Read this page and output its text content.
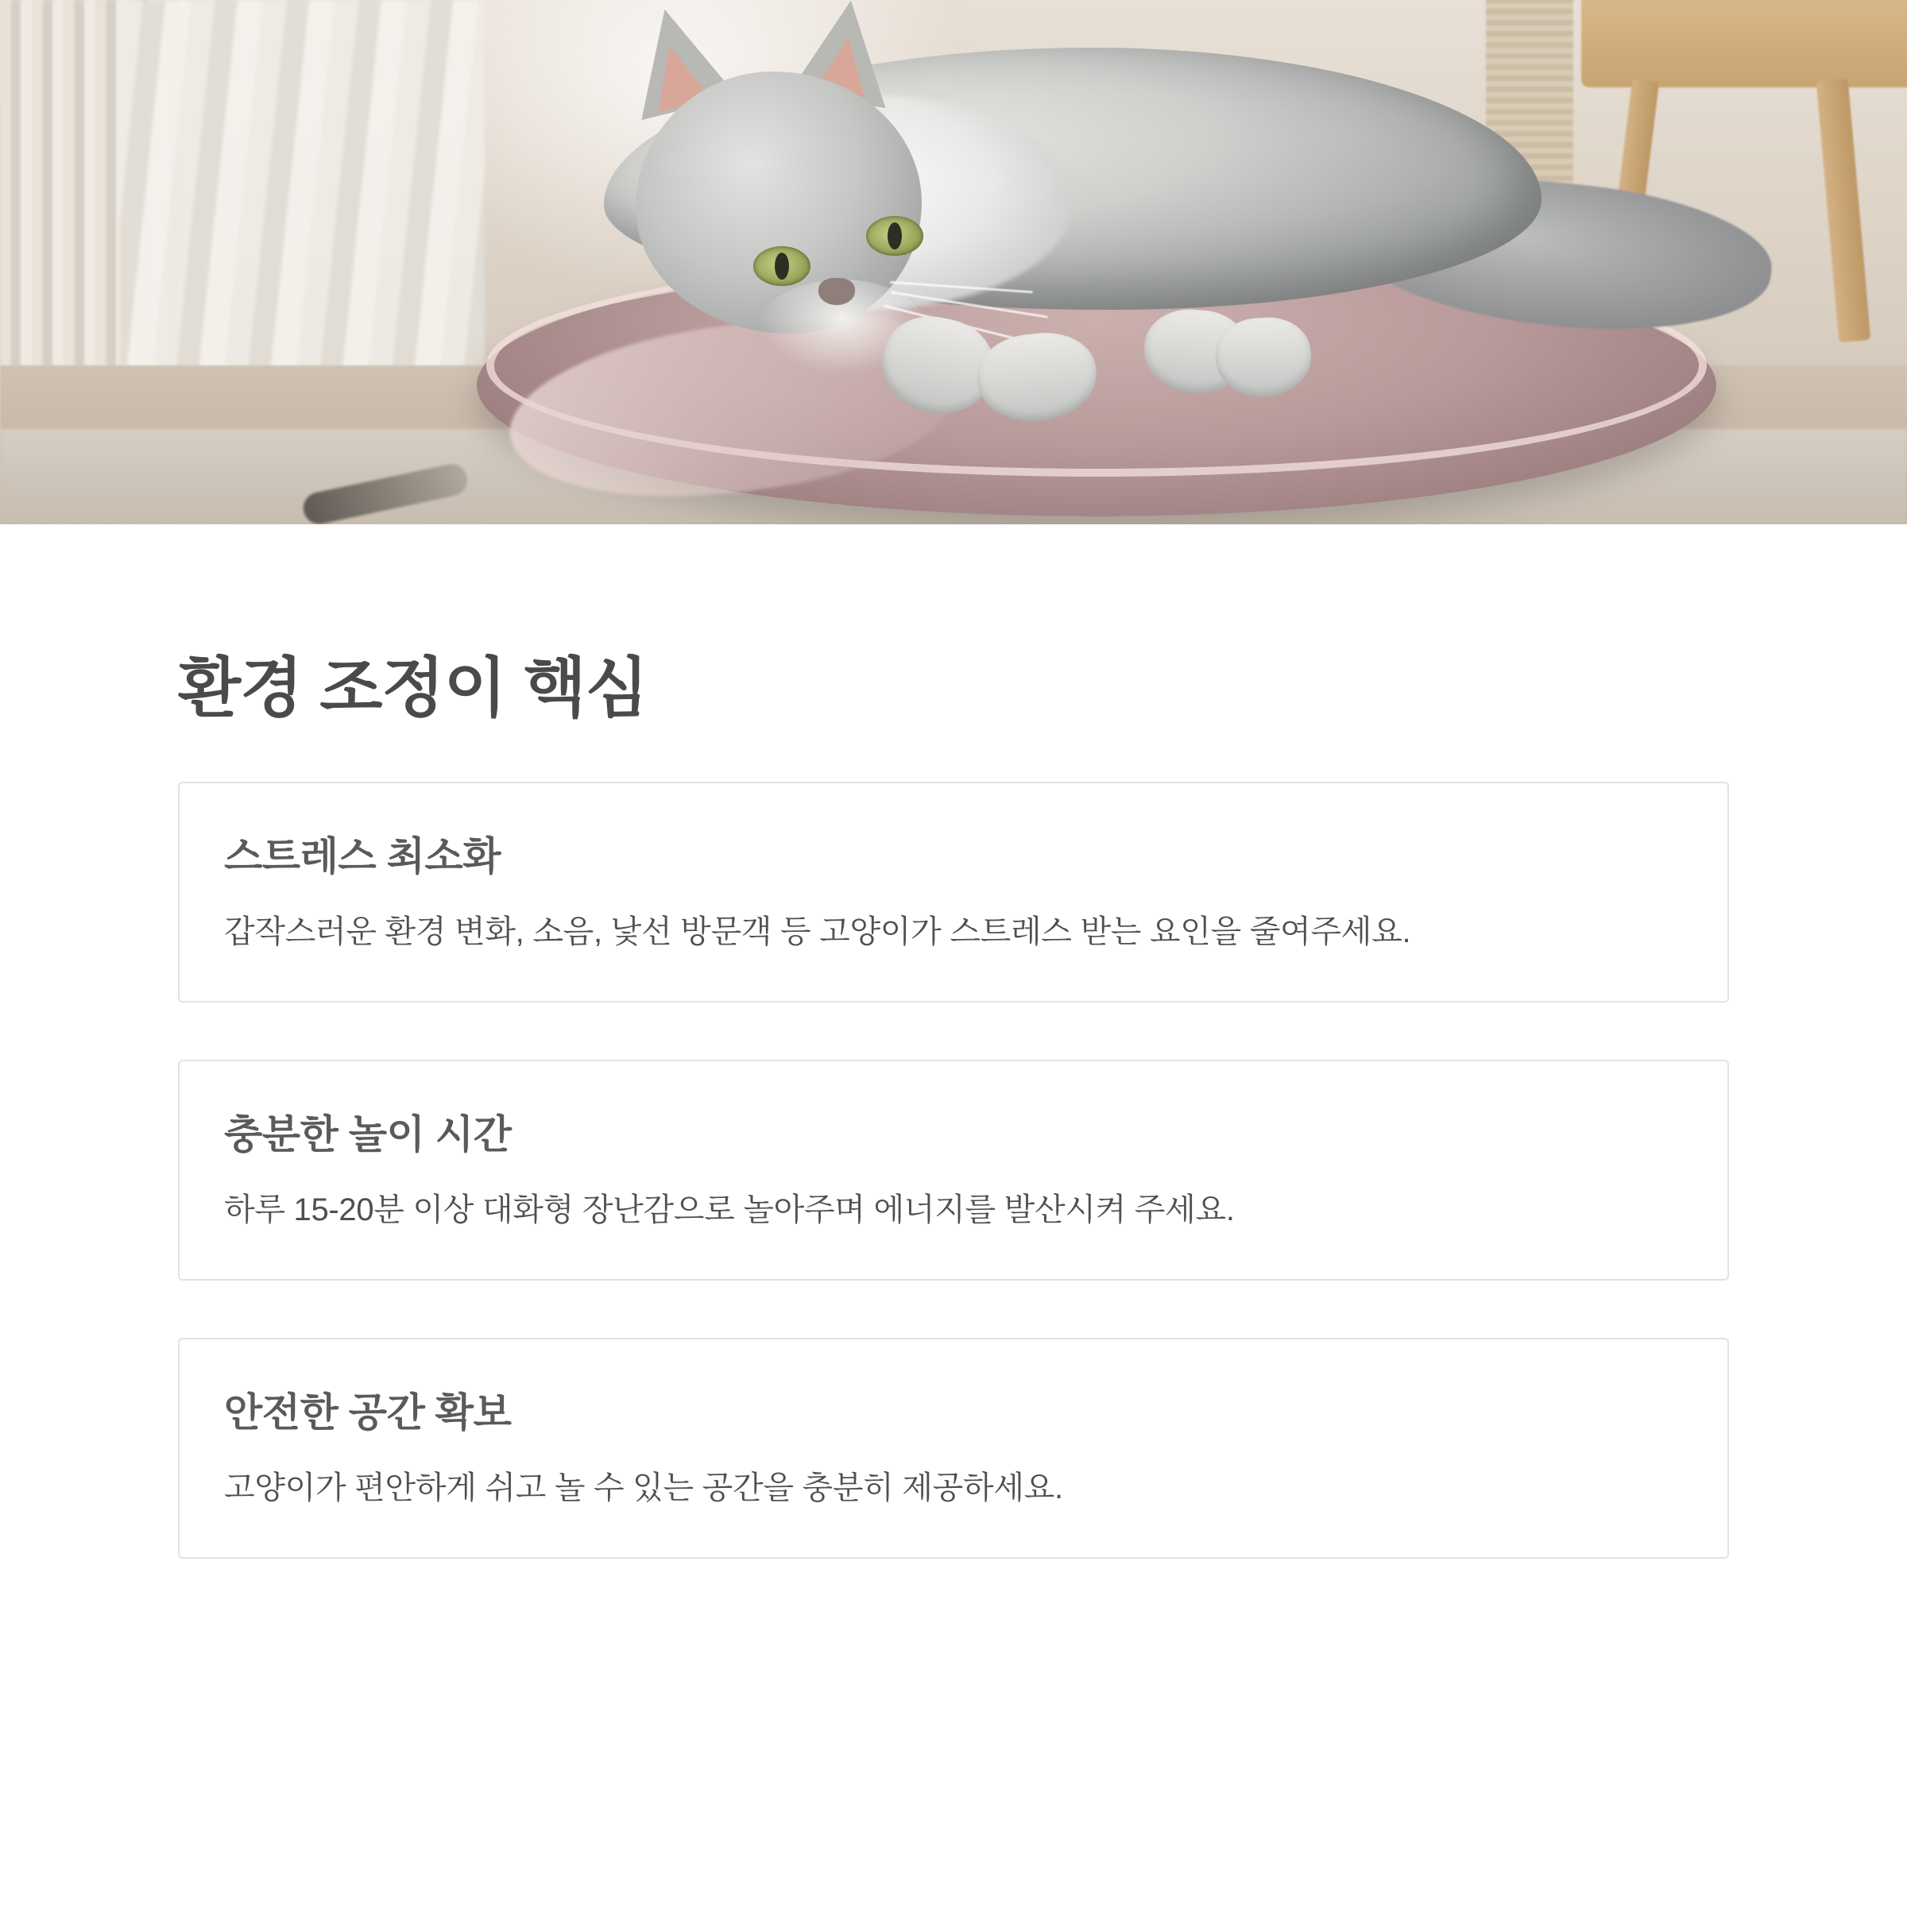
환경 조정이 핵심
스트레스 최소화

갑작스러운 환경 변화, 소음, 낯선 방문객 등 고양이가 스트레스 받는 요인을 줄여주세요.

충분한 놀이 시간

하루 15-20분 이상 대화형 장난감으로 놀아주며 에너지를 발산시켜 주세요.

안전한 공간 확보

고양이가 편안하게 쉬고 놀 수 있는 공간을 충분히 제공하세요.
